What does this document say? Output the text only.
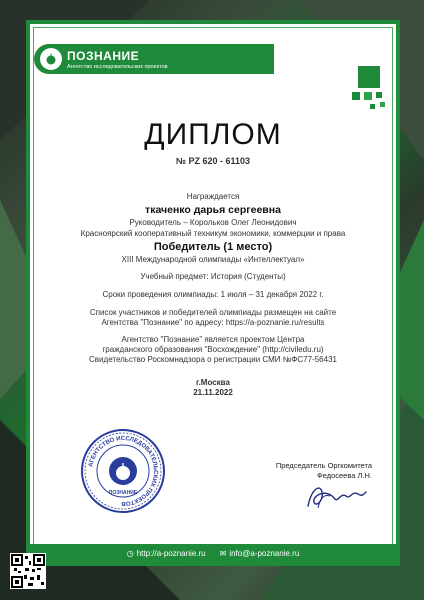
ПОЗНАНИЕ
Агентство исследовательских проектов
ДИПЛОМ
№ PZ 620 - 61103
Награждается
ткаченко дарья сергеевна
Руководитель – Корольков Олег Леонидович
Красноярский кооперативный техникум экономики, коммерции и права
Победитель (1 место)
XIII Международной олимпиады «Интеллектуал»
Учебный предмет: История (Студенты)
Сроки проведения олимпиады: 1 июля – 31 декабря 2022 г.
Список участников и победителей олимпиады размещен на сайте
Агентства "Познание" по адресу: https://a-poznanie.ru/results
Агентство "Познание" является проектом Центра
гражданского образования "Восхождение" (http://civiledu.ru)
Свидетельство Роскомнадзора о регистрации СМИ №ФС77-56431
г.Москва
21.11.2022
АГЕНТСТВО ИССЛЕДОВАТЕЛЬСКИХ ПРОЕКТОВ
ПОЗНАНИЕ
Председатель Оргкомитета
Федосеева Л.Н.
◷ http://a-poznanie.ru ✉ info@a-poznanie.ru
